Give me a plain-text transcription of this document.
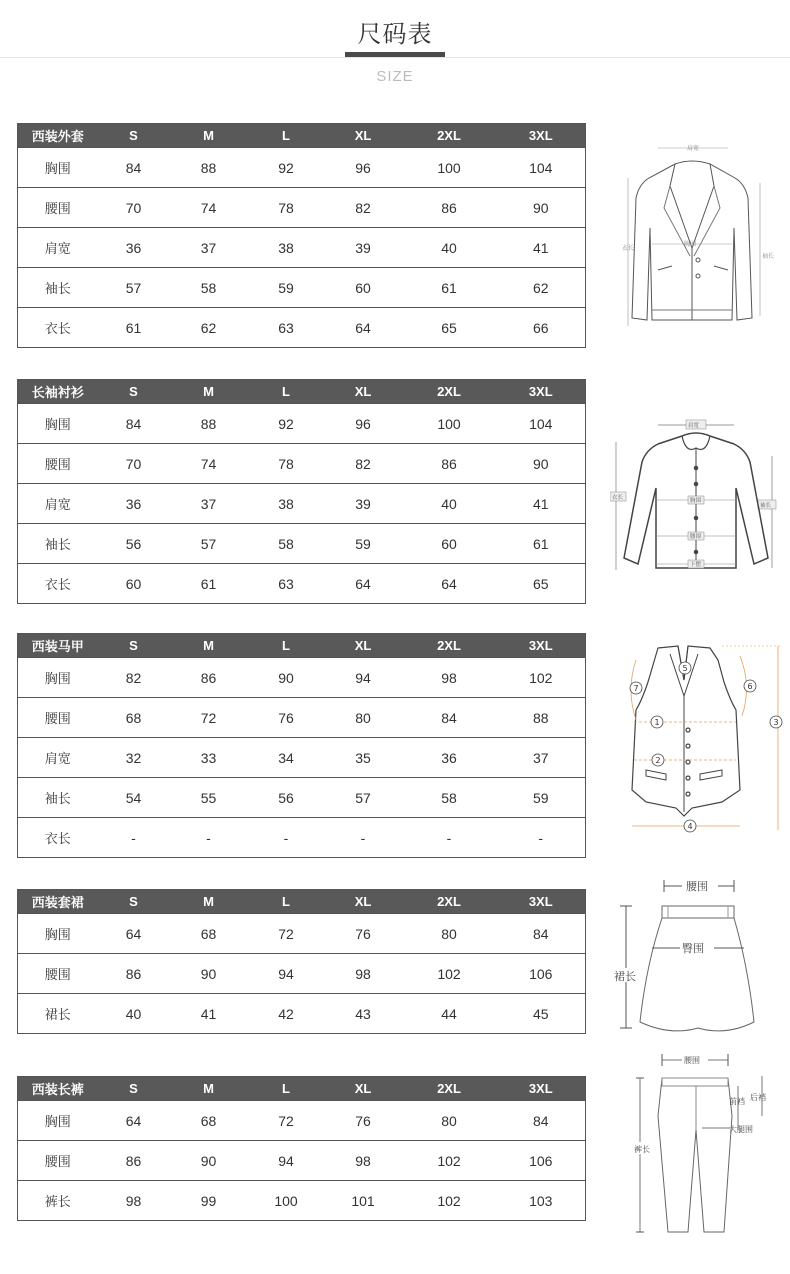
尺码表
SIZE
西装外套	S	M	L	XL	2XL	3XL
胸围	84	88	92	96	100	104
腰围	70	74	78	82	86	90
肩宽	36	37	38	39	40	41
袖长	57	58	59	60	61	62
衣长	61	62	63	64	65	66
长袖衬衫	S	M	L	XL	2XL	3XL
胸围	84	88	92	96	100	104
腰围	70	74	78	82	86	90
肩宽	36	37	38	39	40	41
袖长	56	57	58	59	60	61
衣长	60	61	63	64	64	65
西装马甲	S	M	L	XL	2XL	3XL
胸围	82	86	90	94	98	102
腰围	68	72	76	80	84	88
肩宽	32	33	34	35	36	37
袖长	54	55	56	57	58	59
衣长	-	-	-	-	-	-
西装套裙	S	M	L	XL	2XL	3XL
胸围	64	68	72	76	80	84
腰围	86	90	94	98	102	106
裙长	40	41	42	43	44	45
西装长裤	S	M	L	XL	2XL	3XL
胸围	64	68	72	76	80	84
腰围	86	90	94	98	102	106
裤长	98	99	100	101	102	103
肩宽
衣长
袖长
胸围
肩宽
衣长
袖长
胸围
腰围
下摆
1
2
3
4
5
6
7
腰围
裙长
臀围
腰围
裤长
前裆 后裆
大腿围
